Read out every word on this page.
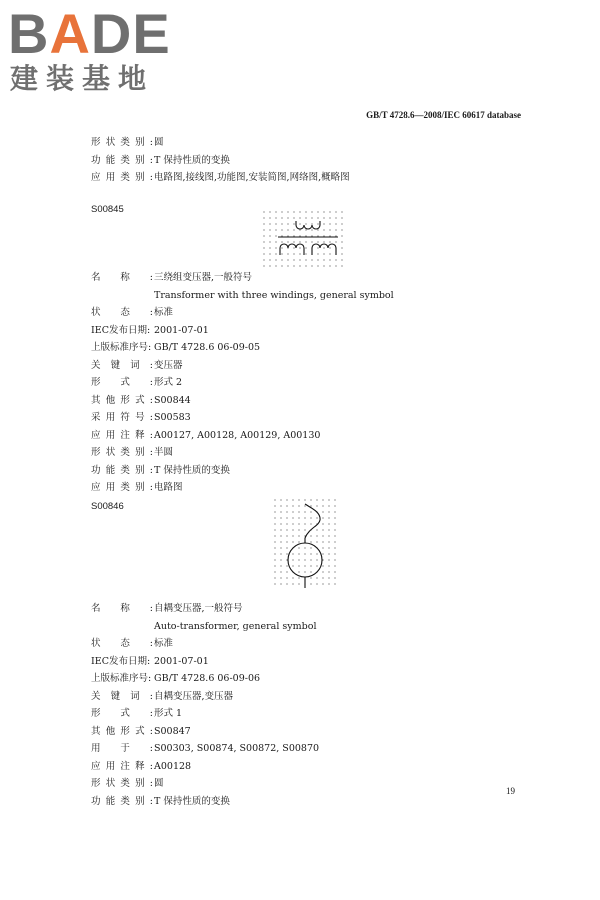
BADE
建装基地
GB/T 4728.6—2008/IEC 60617 database
形 状 类 别 : 圆
功 能 类 别 : T 保持性质的变换
应 用 类 别 : 电路图,接线图,功能图,安装简图,网络图,概略图
S00845
名 称 : 三绕组变压器,一般符号
Transformer with three windings, general symbol
状 态 : 标准
IEC发布日期 : 2001-07-01
上版标准序号 : GB/T 4728.6 06-09-05
关 键 词 : 变压器
形 式 : 形式 2
其 他 形 式 : S00844
采 用 符 号 : S00583
应 用 注 释 : A00127, A00128, A00129, A00130
形 状 类 别 : 半圆
功 能 类 别 : T 保持性质的变换
应 用 类 别 : 电路图
S00846
名 称 : 自耦变压器,一般符号
Auto-transformer, general symbol
状 态 : 标准
IEC发布日期 : 2001-07-01
上版标准序号 : GB/T 4728.6 06-09-06
关 键 词 : 自耦变压器,变压器
形 式 : 形式 1
其 他 形 式 : S00847
用 于 : S00303, S00874, S00872, S00870
应 用 注 释 : A00128
形 状 类 别 : 圆
功 能 类 别 : T 保持性质的变换
19
